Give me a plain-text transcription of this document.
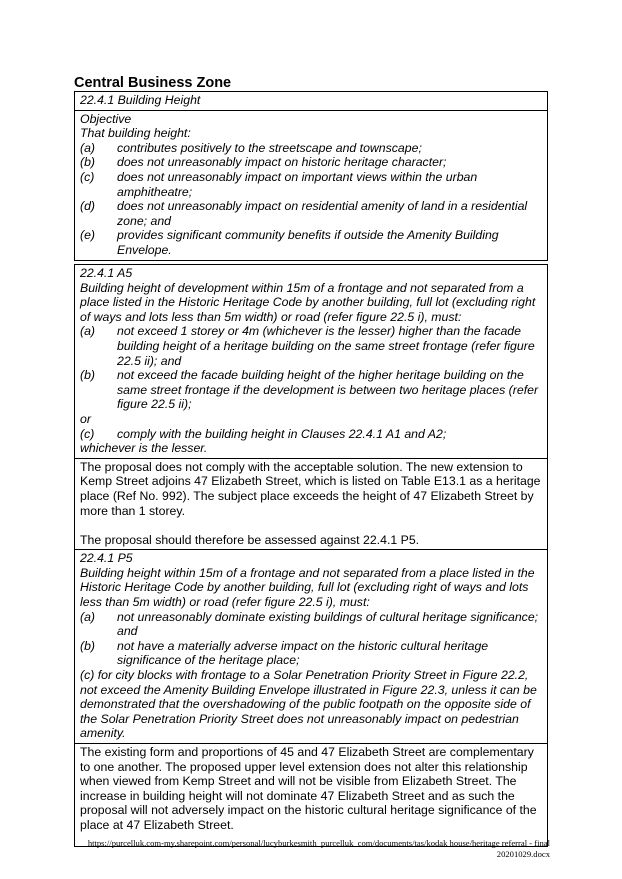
Central Business Zone
22.4.1 Building Height
Objective
That building height:
(a)	contributes positively to the streetscape and townscape;
(b)	does not unreasonably impact on historic heritage character;
(c)	does not unreasonably impact on important views within the urban amphitheatre;
(d)	does not unreasonably impact on residential amenity of land in a residential zone; and
(e)	provides significant community benefits if outside the Amenity Building Envelope.
22.4.1 A5
Building height of development within 15m of a frontage and not separated from a place listed in the Historic Heritage Code by another building, full lot (excluding right of ways and lots less than 5m width) or road (refer figure 22.5 i), must:
(a)	not exceed 1 storey or 4m (whichever is the lesser) higher than the facade building height of a heritage building on the same street frontage (refer figure 22.5 ii); and
(b)	not exceed the facade building height of the higher heritage building on the same street frontage if the development is between two heritage places (refer figure 22.5 ii);
or
(c)	comply with the building height in Clauses 22.4.1 A1 and A2;
whichever is the lesser.
The proposal does not comply with the acceptable solution. The new extension to Kemp Street adjoins 47 Elizabeth Street, which is listed on Table E13.1 as a heritage place (Ref No. 992). The subject place exceeds the height of 47 Elizabeth Street by more than 1 storey.
The proposal should therefore be assessed against 22.4.1 P5.
22.4.1 P5
Building height within 15m of a frontage and not separated from a place listed in the Historic Heritage Code by another building, full lot (excluding right of ways and lots less than 5m width) or road (refer figure 22.5 i), must:
(a)	not unreasonably dominate existing buildings of cultural heritage significance; and
(b)	not have a materially adverse impact on the historic cultural heritage significance of the heritage place;
(c) for city blocks with frontage to a Solar Penetration Priority Street in Figure 22.2, not exceed the Amenity Building Envelope illustrated in Figure 22.3, unless it can be demonstrated that the overshadowing of the public footpath on the opposite side of the Solar Penetration Priority Street does not unreasonably impact on pedestrian amenity.
The existing form and proportions of 45 and 47 Elizabeth Street are complementary to one another. The proposed upper level extension does not alter this relationship when viewed from Kemp Street and will not be visible from Elizabeth Street. The increase in building height will not dominate 47 Elizabeth Street and as such the proposal will not adversely impact on the historic cultural heritage significance of the place at 47 Elizabeth Street.
https://purcelluk.com-my.sharepoint.com/personal/lucyburkesmith_purcelluk_com/documents/tas/kodak house/heritage referral - final
20201029.docx
